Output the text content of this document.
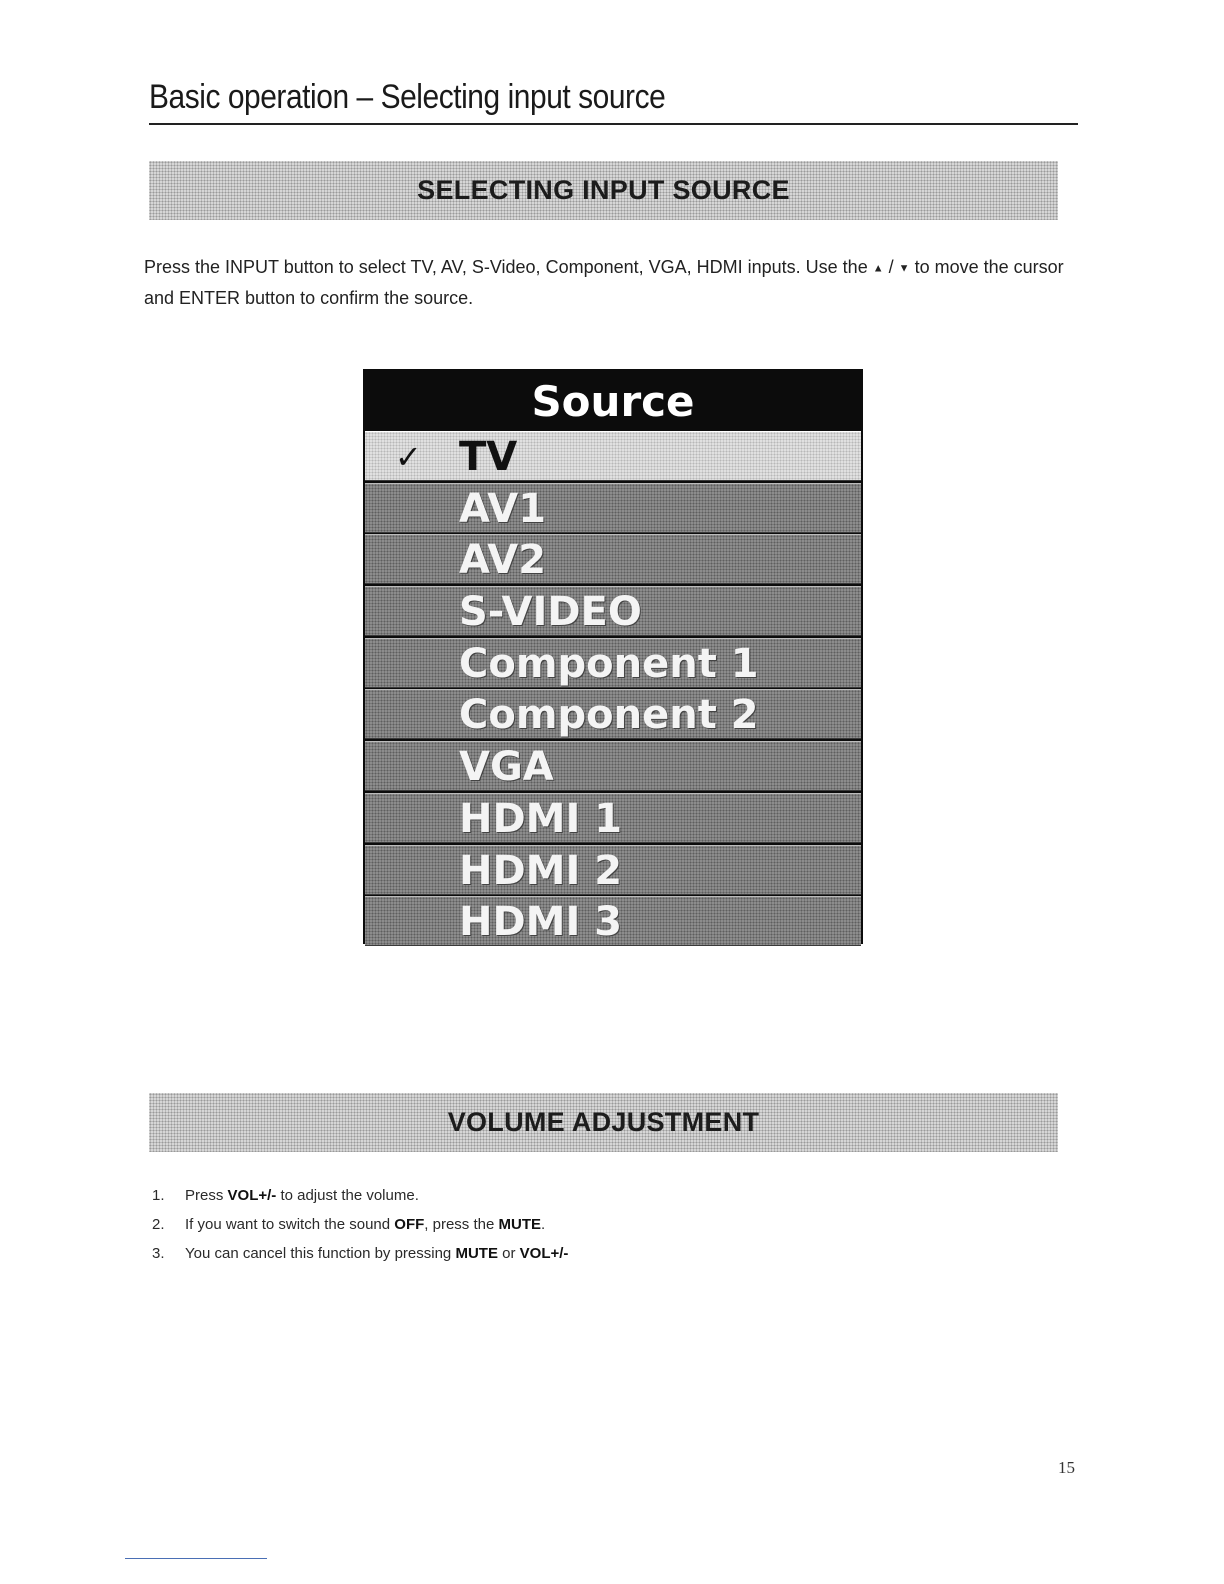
Basic operation – Selecting input source
SELECTING INPUT SOURCE

Press the INPUT button to select TV, AV, S-Video, Component, VGA, HDMI inputs. Use the ▲ / ▼ to move the cursor and ENTER button to confirm the source.

Source
✓ TV
AV1
AV2
S-VIDEO
Component 1
Component 2
VGA
HDMI 1
HDMI 2
HDMI 3
VOLUME ADJUSTMENT
1.	Press VOL+/- to adjust the volume.
2.	If you want to switch the sound OFF, press the MUTE.
3.	You can cancel this function by pressing MUTE or VOL+/-
15
